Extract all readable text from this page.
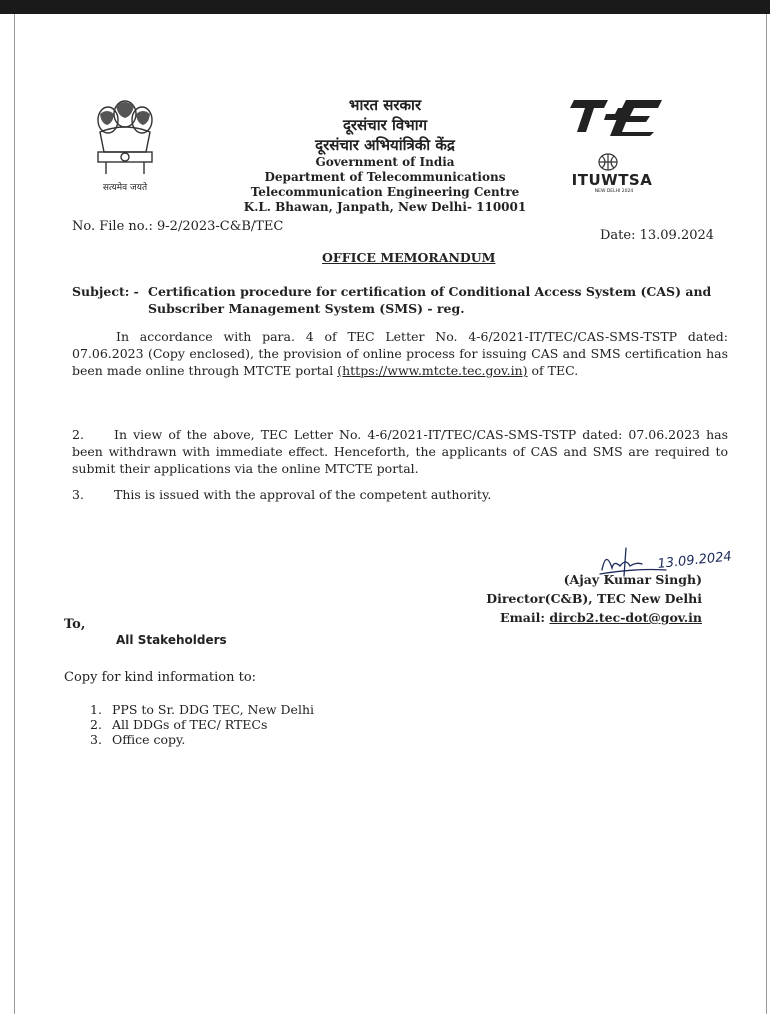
सत्यमेव जयते
भारत सरकार
दूरसंचार विभाग
दूरसंचार अभियांत्रिकी केंद्र
Government of India
Department of Telecommunications
Telecommunication Engineering Centre
K.L. Bhawan, Janpath, New Delhi- 110001
ITUWTSA
NEW DELHI 2024
No. File no.: 9-2/2023-C&B/TEC
Date: 13.09.2024
OFFICE MEMORANDUM
Subject: - Certification procedure for certification of Conditional Access System (CAS) and Subscriber Management System (SMS) - reg.
In accordance with para. 4 of TEC Letter No. 4-6/2021-IT/TEC/CAS-SMS-TSTP dated: 07.06.2023 (Copy enclosed), the provision of online process for issuing CAS and SMS certification has been made online through MTCTE portal (https://www.mtcte.tec.gov.in) of TEC.
2. In view of the above, TEC Letter No. 4-6/2021-IT/TEC/CAS-SMS-TSTP dated: 07.06.2023 has been withdrawn with immediate effect. Henceforth, the applicants of CAS and SMS are required to submit their applications via the online MTCTE portal.
3. This is issued with the approval of the competent authority.
13.09.2024
(Ajay Kumar Singh)
Director(C&B), TEC New Delhi
Email: dircb2.tec-dot@gov.in
To,
All Stakeholders
Copy for kind information to:
1. PPS to Sr. DDG TEC, New Delhi
2. All DDGs of TEC/ RTECs
3. Office copy.
